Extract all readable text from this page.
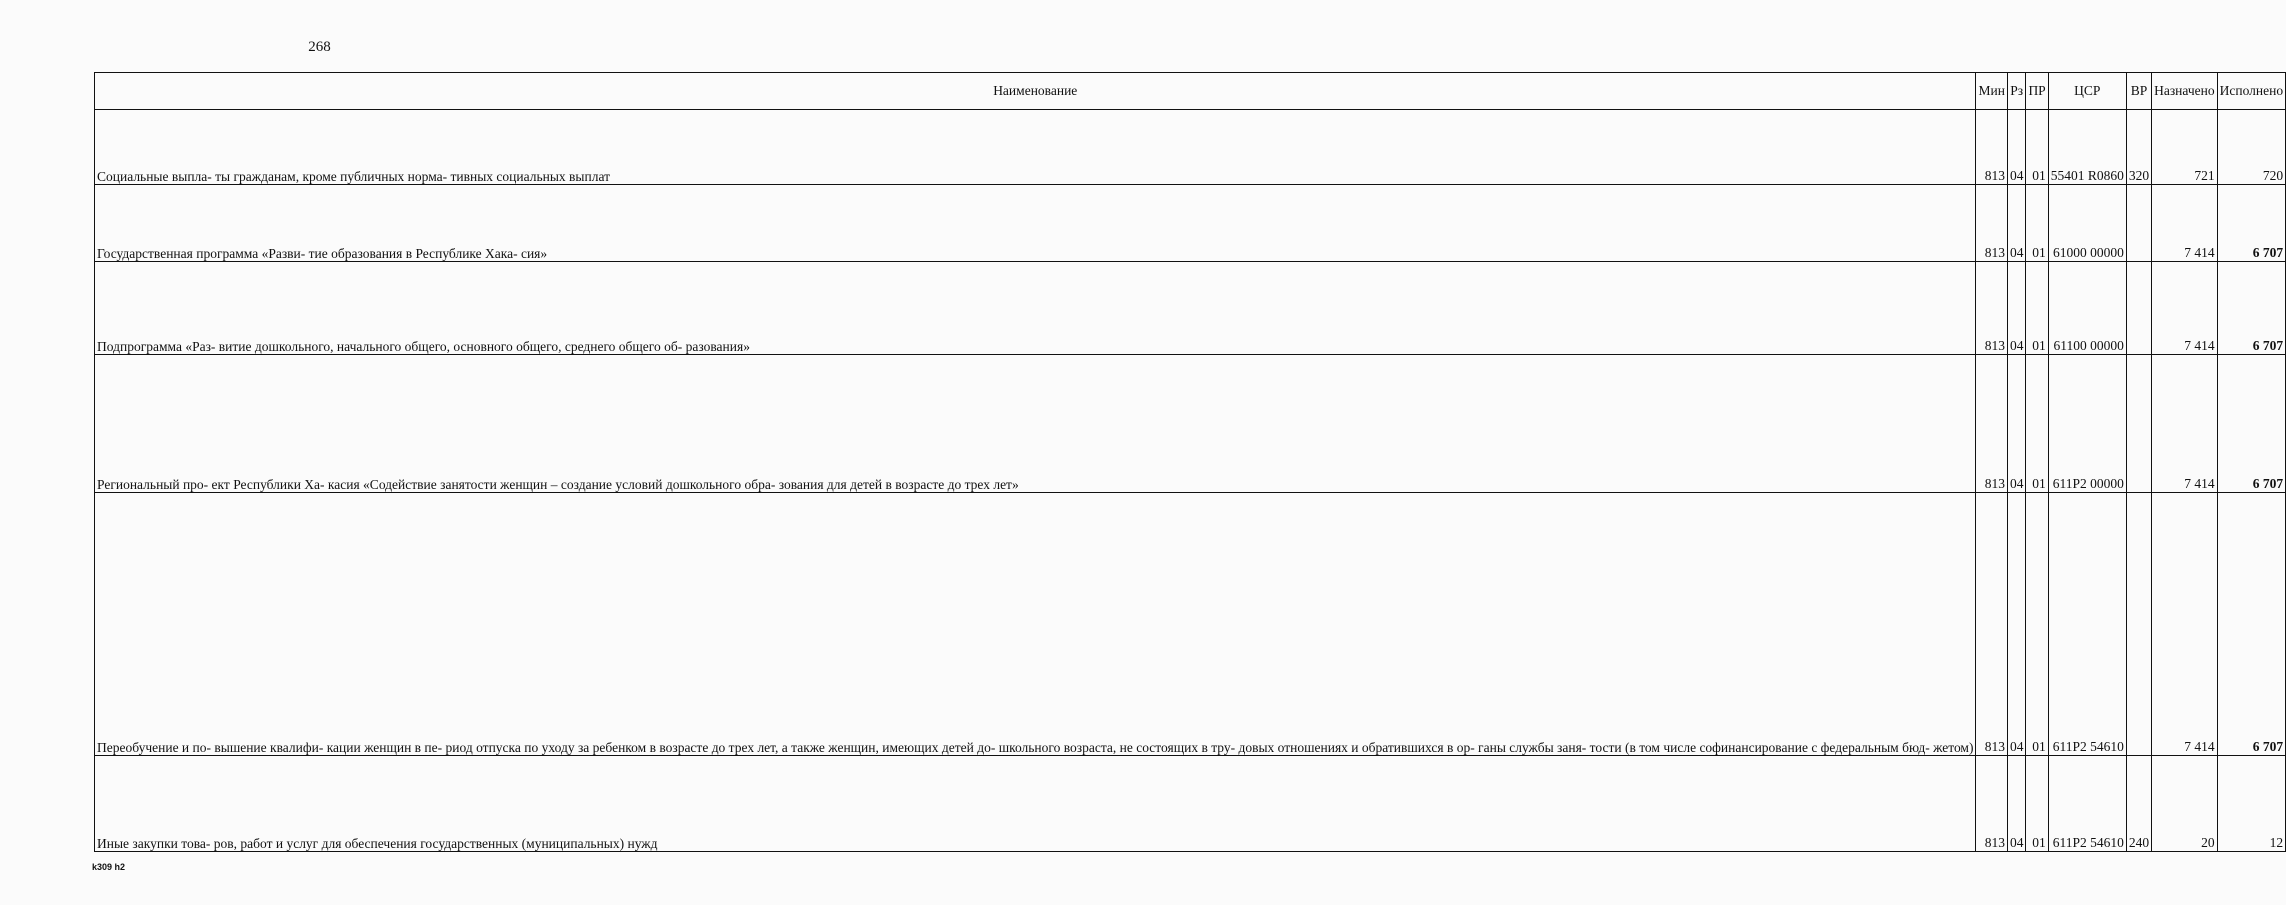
268
Наименование	Мин	Рз	ПР	ЦСР	ВР	Назначено	Исполнено
Социальные выпла- ты гражданам, кроме публичных норма- тивных социальных выплат	813	04	01	55401 R0860	320	721	720
Государственная программа «Разви- тие образования в Республике Хака- сия»	813	04	01	61000 00000		7 414	6 707
Подпрограмма «Раз- витие дошкольного, начального общего, основного общего, среднего общего об- разования»	813	04	01	61100 00000		7 414	6 707
Региональный про- ект Республики Ха- касия «Содействие занятости женщин – создание условий дошкольного обра- зования для детей в возрасте до трех лет»	813	04	01	611P2 00000		7 414	6 707
Переобучение и по- вышение квалифи- кации женщин в пе- риод отпуска по уходу за ребенком в возрасте до трех лет, а также женщин, имеющих детей до- школьного возраста, не состоящих в тру- довых отношениях и обратившихся в ор- ганы службы заня- тости (в том числе софинансирование с федеральным бюд- жетом)	813	04	01	611P2 54610		7 414	6 707
Иные закупки това- ров, работ и услуг для обеспечения государственных (муниципальных) нужд	813	04	01	611P2 54610	240	20	12
k309 h2
